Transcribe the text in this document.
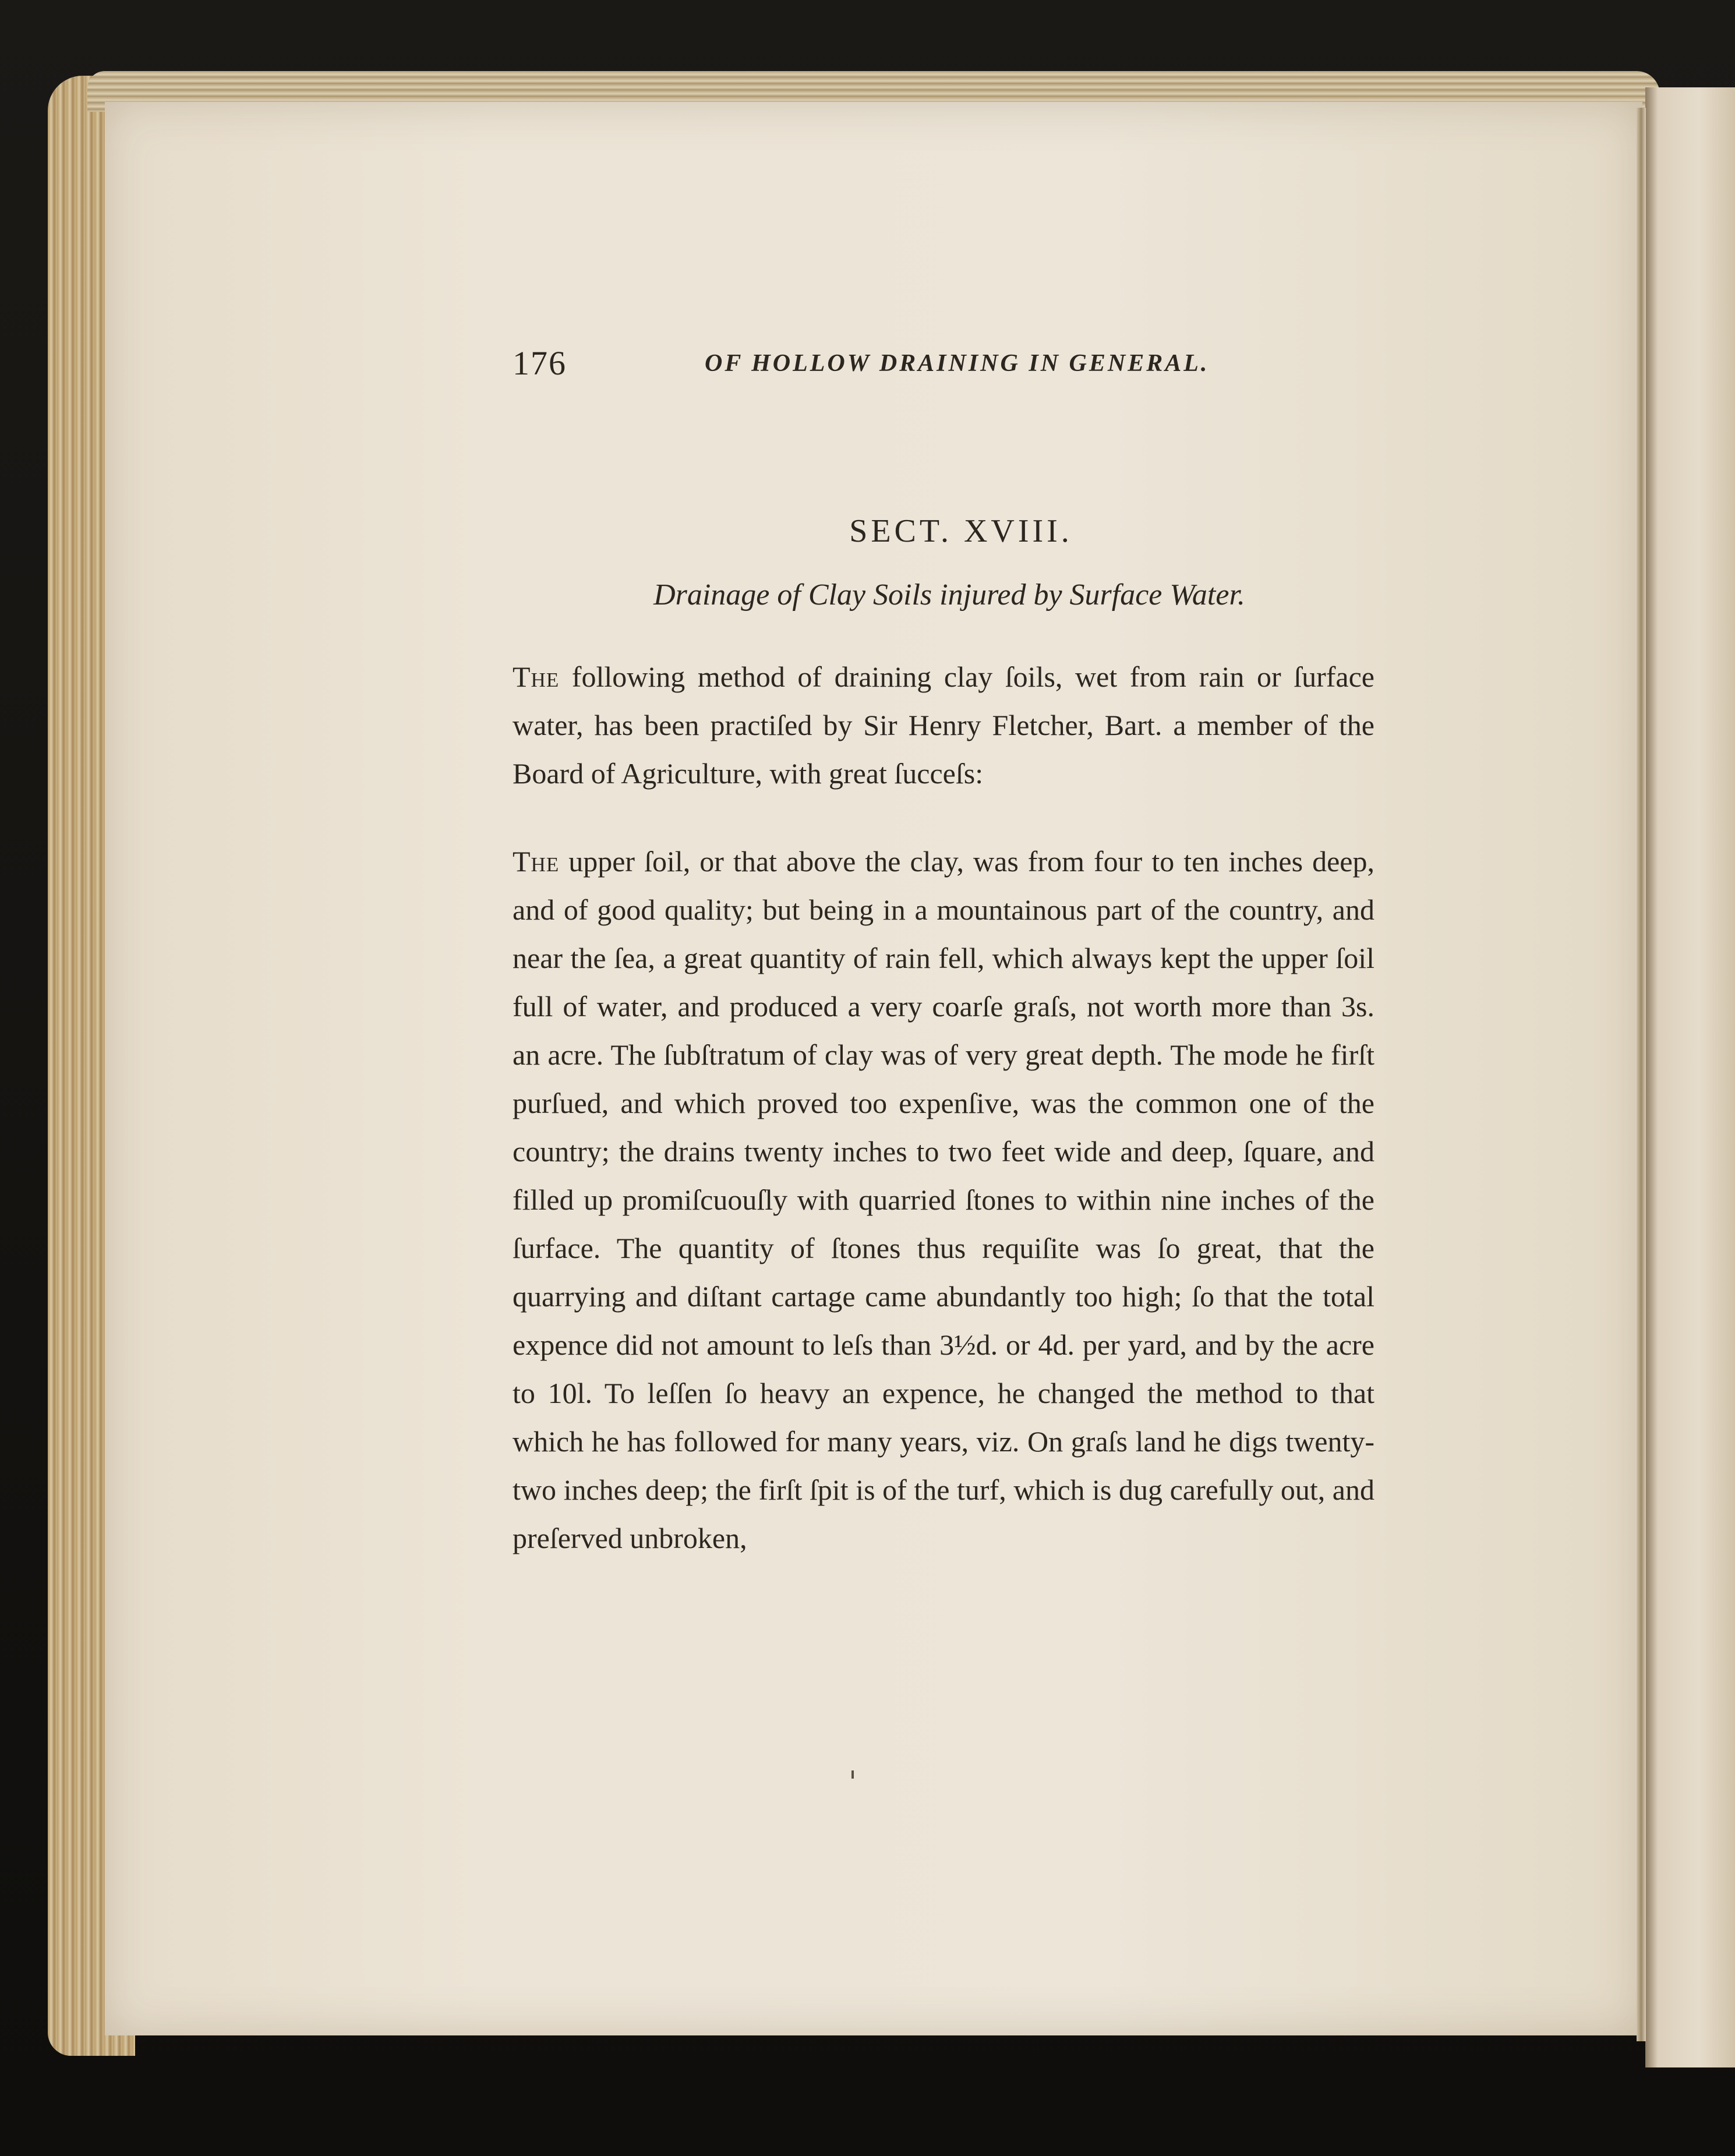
176	OF HOLLOW DRAINING IN GENERAL.
SECT. XVIII.
Drainage of Clay Soils injured by Surface Water.

The following method of draining clay ſoils, wet from rain or ſurface water, has been practiſed by Sir Henry Fletcher, Bart. a member of the Board of Agriculture, with great ſucceſs:

The upper ſoil, or that above the clay, was from four to ten inches deep, and of good quality; but being in a mountainous part of the country, and near the ſea, a great quantity of rain fell, which always kept the upper ſoil full of water, and produced a very coarſe graſs, not worth more than 3s. an acre. The ſubſtratum of clay was of very great depth. The mode he firſt purſued, and which proved too expenſive, was the common one of the country; the drains twenty inches to two feet wide and deep, ſquare, and filled up promiſcuouſly with quarried ſtones to within nine inches of the ſurface. The quantity of ſtones thus requiſite was ſo great, that the quarrying and diſtant cartage came abundantly too high; ſo that the total expence did not amount to leſs than 3½d. or 4d. per yard, and by the acre to 10l. To leſſen ſo heavy an expence, he changed the method to that which he has followed for many years, viz. On graſs land he digs twenty-two inches deep; the firſt ſpit is of the turf, which is dug carefully out, and preſerved unbroken,
